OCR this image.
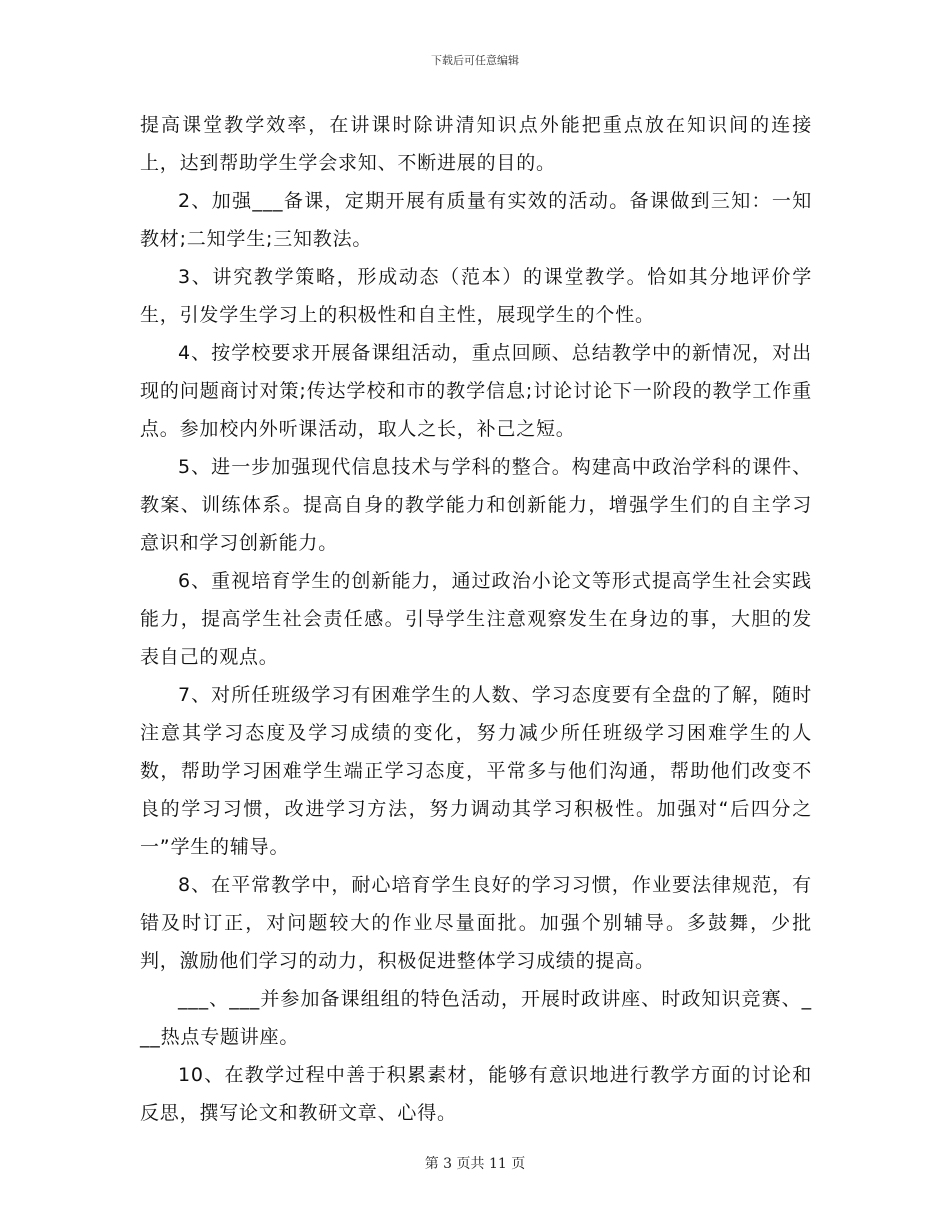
下载后可任意编辑

提高课堂教学效率，在讲课时除讲清知识点外能把重点放在知识间的连接上，达到帮助学生学会求知、不断进展的目的。

2、加强___备课，定期开展有质量有实效的活动。备课做到三知：一知教材;二知学生;三知教法。

3、讲究教学策略，形成动态（范本）的课堂教学。恰如其分地评价学生，引发学生学习上的积极性和自主性，展现学生的个性。

4、按学校要求开展备课组活动，重点回顾、总结教学中的新情况，对出现的问题商讨对策;传达学校和市的教学信息;讨论讨论下一阶段的教学工作重点。参加校内外听课活动，取人之长，补己之短。

5、进一步加强现代信息技术与学科的整合。构建高中政治学科的课件、教案、训练体系。提高自身的教学能力和创新能力，增强学生们的自主学习意识和学习创新能力。

6、重视培育学生的创新能力，通过政治小论文等形式提高学生社会实践能力，提高学生社会责任感。引导学生注意观察发生在身边的事，大胆的发表自己的观点。

7、对所任班级学习有困难学生的人数、学习态度要有全盘的了解，随时注意其学习态度及学习成绩的变化，努力减少所任班级学习困难学生的人数，帮助学习困难学生端正学习态度，平常多与他们沟通，帮助他们改变不良的学习习惯，改进学习方法，努力调动其学习积极性。加强对“后四分之一”学生的辅导。

8、在平常教学中，耐心培育学生良好的学习习惯，作业要法律规范，有错及时订正，对问题较大的作业尽量面批。加强个别辅导。多鼓舞，少批判，激励他们学习的动力，积极促进整体学习成绩的提高。

___、___并参加备课组组的特色活动，开展时政讲座、时政知识竞赛、___热点专题讲座。

10、在教学过程中善于积累素材，能够有意识地进行教学方面的讨论和反思，撰写论文和教研文章、心得。

第 3 页共 11 页
